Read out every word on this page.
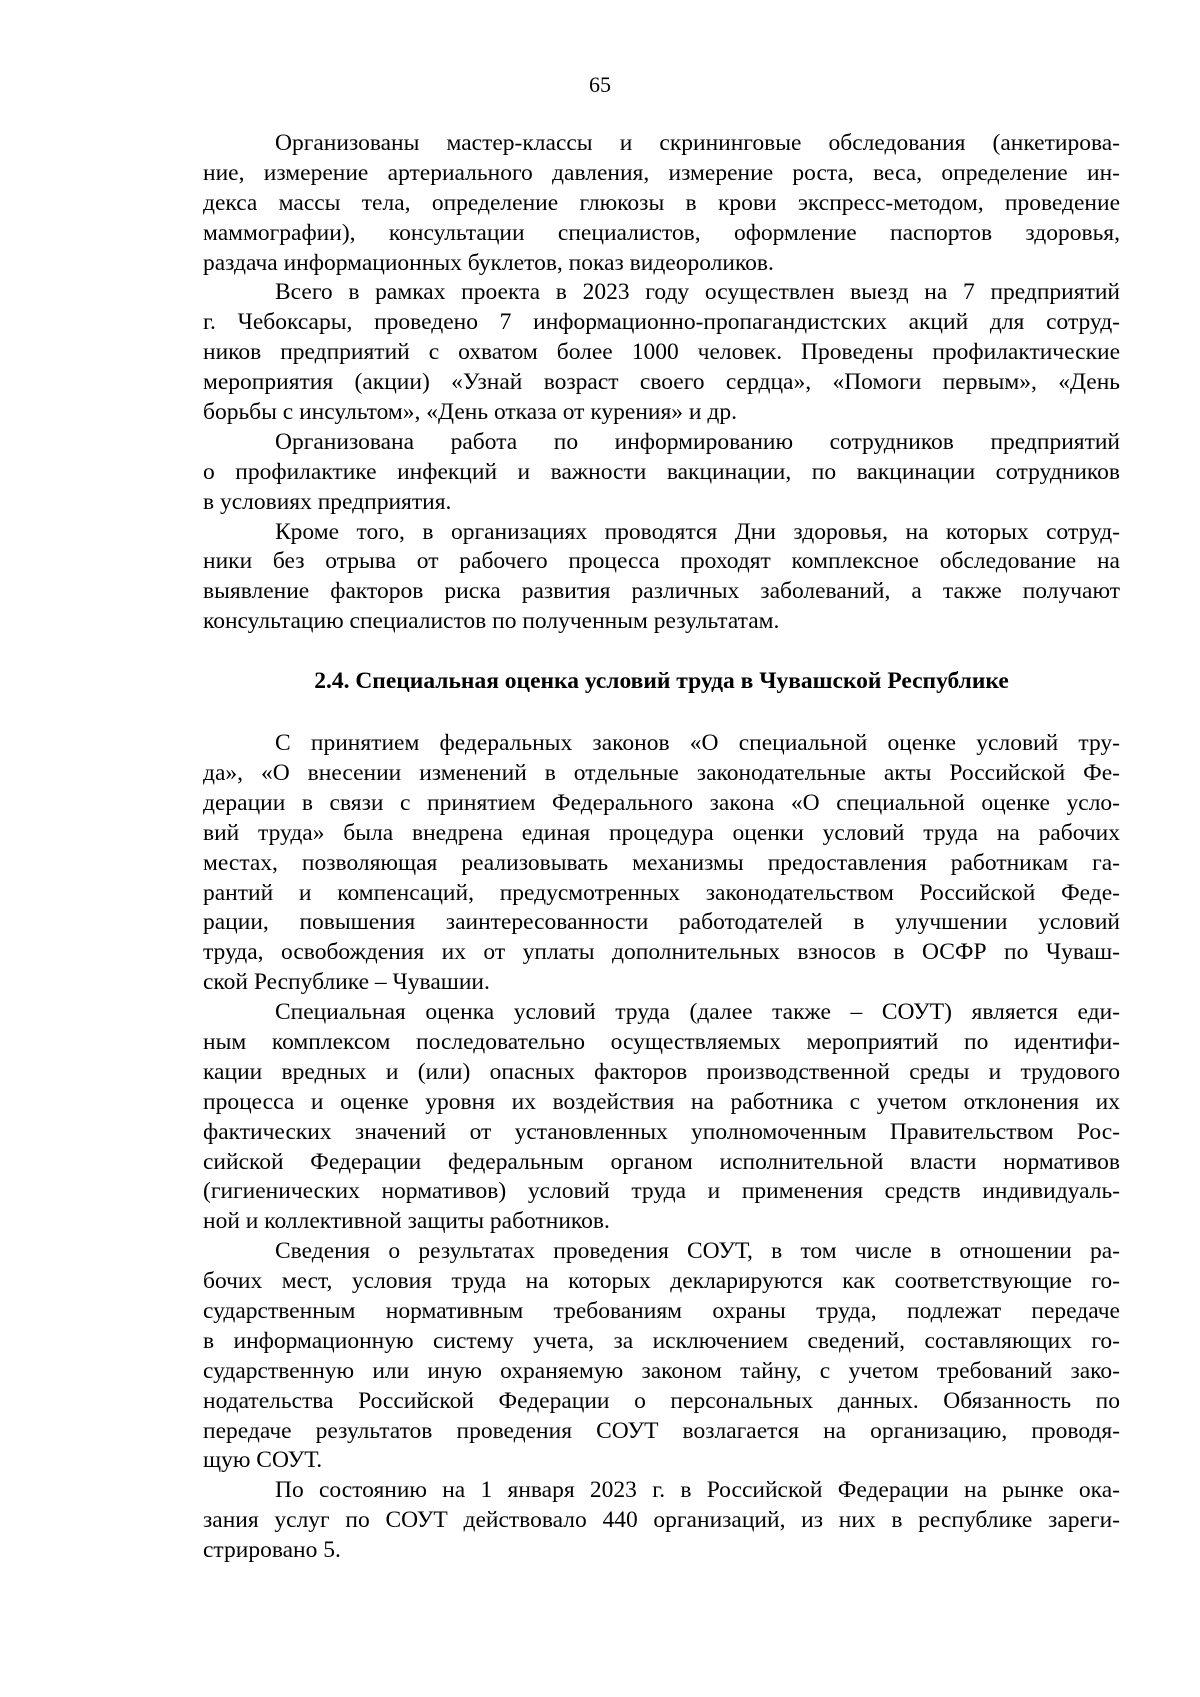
65

Организованы мастер-классы и скрининговые обследования (анкетирова-
ние, измерение артериального давления, измерение роста, веса, определение ин-
декса массы тела, определение глюкозы в крови экспресс-методом, проведение
маммографии), консультации специалистов, оформление паспортов здоровья,
раздача информационных буклетов, показ видеороликов.

Всего в рамках проекта в 2023 году осуществлен выезд на 7 предприятий
г. Чебоксары, проведено 7 информационно-пропагандистских акций для сотруд-
ников предприятий с охватом более 1000 человек. Проведены профилактические
мероприятия (акции) «Узнай возраст своего сердца», «Помоги первым», «День
борьбы с инсультом», «День отказа от курения» и др.

Организована работа по информированию сотрудников предприятий
о профилактике инфекций и важности вакцинации, по вакцинации сотрудников
в условиях предприятия.

Кроме того, в организациях проводятся Дни здоровья, на которых сотруд-
ники без отрыва от рабочего процесса проходят комплексное обследование на
выявление факторов риска развития различных заболеваний, а также получают
консультацию специалистов по полученным результатам.

2.4. Специальная оценка условий труда в Чувашской Республике

С принятием федеральных законов «О специальной оценке условий тру-
да», «О внесении изменений в отдельные законодательные акты Российской Фе-
дерации в связи с принятием Федерального закона «О специальной оценке усло-
вий труда» была внедрена единая процедура оценки условий труда на рабочих
местах, позволяющая реализовывать механизмы предоставления работникам га-
рантий и компенсаций, предусмотренных законодательством Российской Феде-
рации, повышения заинтересованности работодателей в улучшении условий
труда, освобождения их от уплаты дополнительных взносов в ОСФР по Чуваш-
ской Республике – Чувашии.

Специальная оценка условий труда (далее также – СОУТ) является еди-
ным комплексом последовательно осуществляемых мероприятий по идентифи-
кации вредных и (или) опасных факторов производственной среды и трудового
процесса и оценке уровня их воздействия на работника с учетом отклонения их
фактических значений от установленных уполномоченным Правительством Рос-
сийской Федерации федеральным органом исполнительной власти нормативов
(гигиенических нормативов) условий труда и применения средств индивидуаль-
ной и коллективной защиты работников.

Сведения о результатах проведения СОУТ, в том числе в отношении ра-
бочих мест, условия труда на которых декларируются как соответствующие го-
сударственным нормативным требованиям охраны труда, подлежат передаче
в информационную систему учета, за исключением сведений, составляющих го-
сударственную или иную охраняемую законом тайну, с учетом требований зако-
нодательства Российской Федерации о персональных данных. Обязанность по
передаче результатов проведения СОУТ возлагается на организацию, проводя-
щую СОУТ.

По состоянию на 1 января 2023 г. в Российской Федерации на рынке ока-
зания услуг по СОУТ действовало 440 организаций, из них в республике зареги-
стрировано 5.
